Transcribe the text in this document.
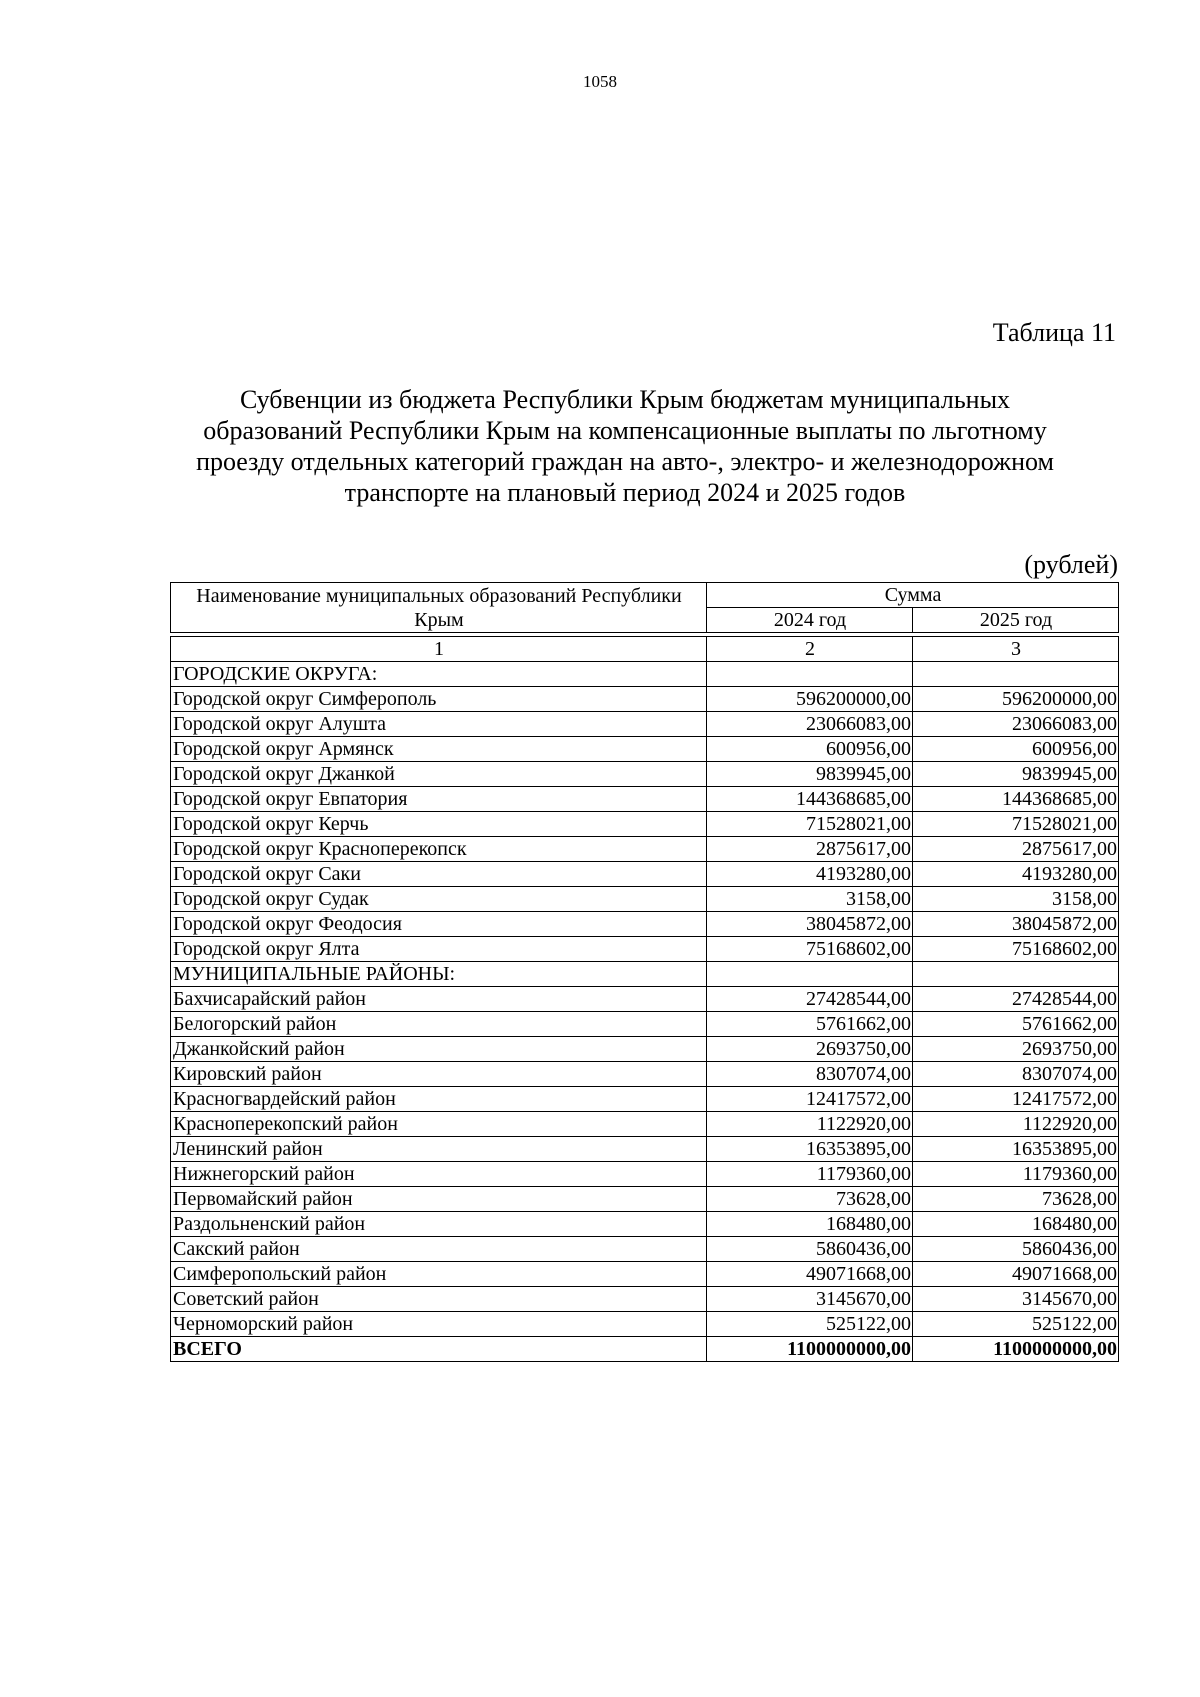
1058
Таблица 11
Субвенции из бюджета Республики Крым бюджетам муниципальных
образований Республики Крым на компенсационные выплаты по льготному
проезду отдельных категорий граждан на авто-, электро- и железнодорожном
транспорте на плановый период 2024 и 2025 годов
(рублей)
Наименование муниципальных образований Республики Крым	Сумма	
	2024 год	2025 год

1	2	3
ГОРОДСКИЕ ОКРУГА:		
Городской округ Симферополь	596200000,00	596200000,00
Городской округ Алушта	23066083,00	23066083,00
Городской округ Армянск	600956,00	600956,00
Городской округ Джанкой	9839945,00	9839945,00
Городской округ Евпатория	144368685,00	144368685,00
Городской округ Керчь	71528021,00	71528021,00
Городской округ Красноперекопск	2875617,00	2875617,00
Городской округ Саки	4193280,00	4193280,00
Городской округ Судак	3158,00	3158,00
Городской округ Феодосия	38045872,00	38045872,00
Городской округ Ялта	75168602,00	75168602,00
МУНИЦИПАЛЬНЫЕ РАЙОНЫ:		
Бахчисарайский район	27428544,00	27428544,00
Белогорский район	5761662,00	5761662,00
Джанкойский район	2693750,00	2693750,00
Кировский район	8307074,00	8307074,00
Красногвардейский район	12417572,00	12417572,00
Красноперекопский район	1122920,00	1122920,00
Ленинский район	16353895,00	16353895,00
Нижнегорский район	1179360,00	1179360,00
Первомайский район	73628,00	73628,00
Раздольненский район	168480,00	168480,00
Сакский район	5860436,00	5860436,00
Симферопольский район	49071668,00	49071668,00
Советский район	3145670,00	3145670,00
Черноморский район	525122,00	525122,00
ВСЕГО	1100000000,00	1100000000,00
